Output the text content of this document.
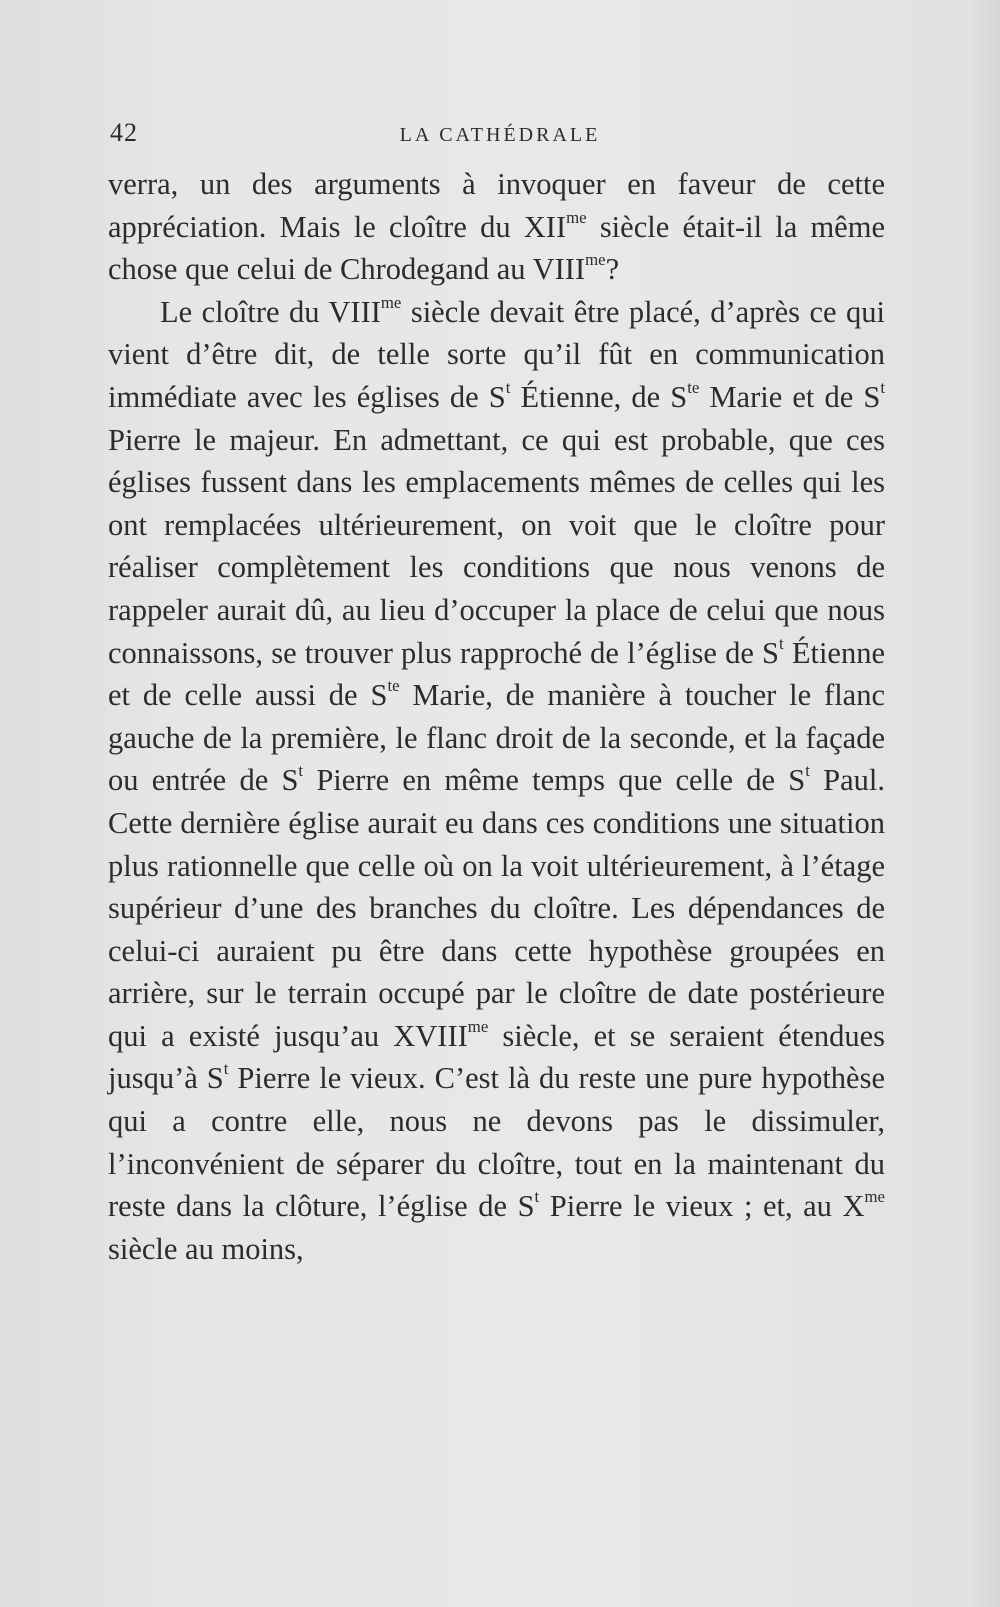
42	LA CATHÉDRALE

verra, un des arguments à invoquer en faveur de cette appréciation. Mais le cloître du $XII^{me}$ siècle était-il la même chose que celui de Chrodegand au $VIII^{me}$?

Le cloître du $VIII^{me}$ siècle devait être placé, d’après ce qui vient d’être dit, de telle sorte qu’il fût en communication immédiate avec les églises de $S^t$ Étienne, de $S^{te}$ Marie et de $S^t$ Pierre le majeur. En admettant, ce qui est probable, que ces églises fussent dans les emplacements mêmes de celles qui les ont remplacées ultérieurement, on voit que le cloître pour réaliser complètement les conditions que nous venons de rappeler aurait dû, au lieu d’occuper la place de celui que nous connaissons, se trouver plus rapproché de l’église de $S^t$ Étienne et de celle aussi de $S^{te}$ Marie, de manière à toucher le flanc gauche de la première, le flanc droit de la seconde, et la façade ou entrée de $S^t$ Pierre en même temps que celle de $S^t$ Paul. Cette dernière église aurait eu dans ces conditions une situation plus rationnelle que celle où on la voit ultérieurement, à l’étage supérieur d’une des branches du cloître. Les dépendances de celui-ci auraient pu être dans cette hypothèse groupées en arrière, sur le terrain occupé par le cloître de date postérieure qui a existé jusqu’au $XVIII^{me}$ siècle, et se seraient étendues jusqu’à $S^t$ Pierre le vieux. C’est là du reste une pure hypothèse qui a contre elle, nous ne devons pas le dissimuler, l’inconvénient de séparer du cloître, tout en la maintenant du reste dans la clôture, l’église de $S^t$ Pierre le vieux ; et, au $X^{me}$ siècle au moins,
